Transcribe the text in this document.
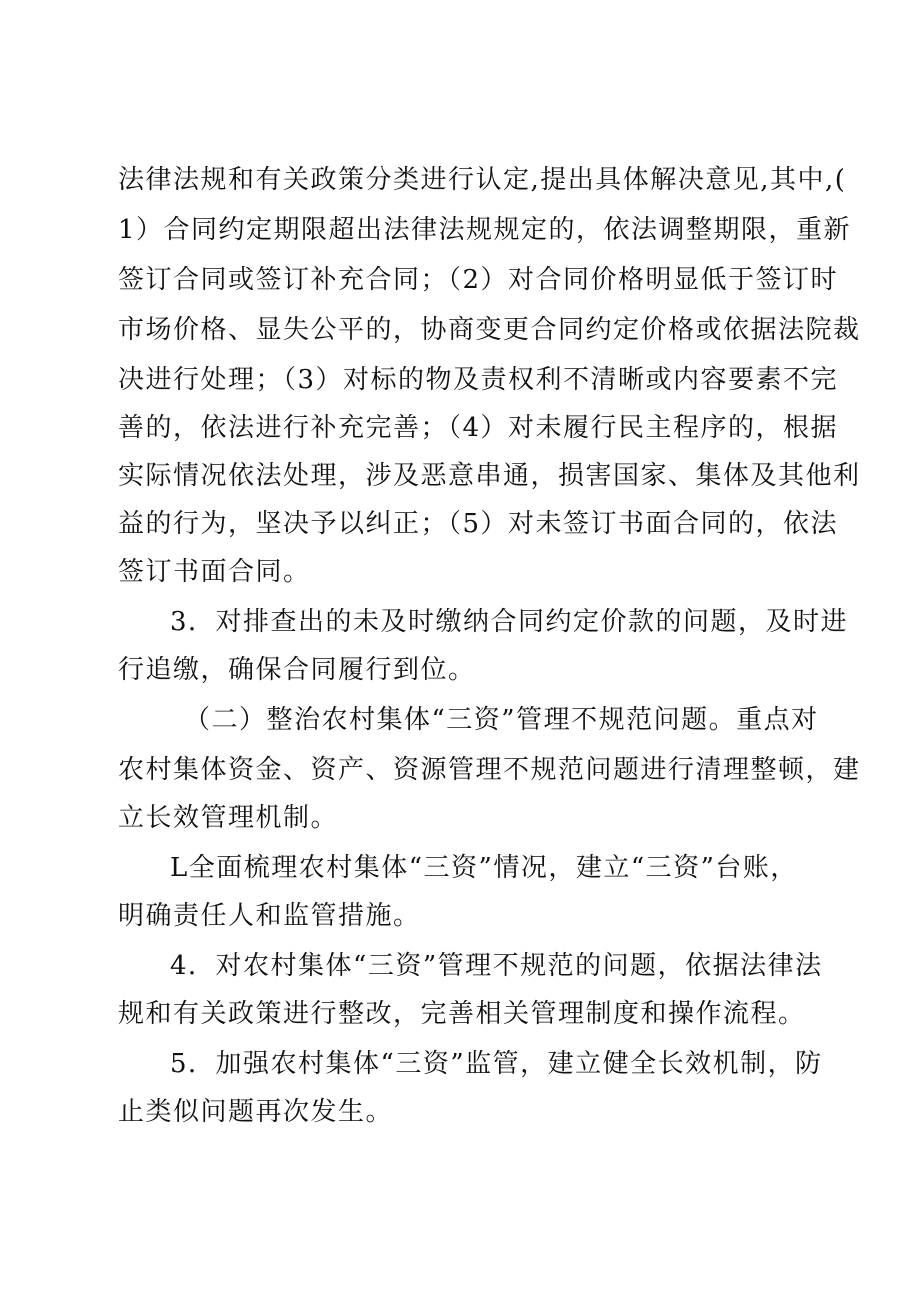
法律法规和有关政策分类进行认定,提出具体解决意见,其中,(
1）合同约定期限超出法律法规规定的，依法调整期限，重新
签订合同或签订补充合同；（2）对合同价格明显低于签订时
市场价格、显失公平的，协商变更合同约定价格或依据法院裁
决进行处理；（3）对标的物及责权利不清晰或内容要素不完
善的，依法进行补充完善；（4）对未履行民主程序的，根据
实际情况依法处理，涉及恶意串通，损害国家、集体及其他利
益的行为，坚决予以纠正；（5）对未签订书面合同的，依法
签订书面合同。
3．对排查出的未及时缴纳合同约定价款的问题，及时进
行追缴，确保合同履行到位。
（二）整治农村集体“三资”管理不规范问题。重点对
农村集体资金、资产、资源管理不规范问题进行清理整顿，建
立长效管理机制。
L全面梳理农村集体“三资”情况，建立“三资”台账，
明确责任人和监管措施。
4．对农村集体“三资”管理不规范的问题，依据法律法
规和有关政策进行整改，完善相关管理制度和操作流程。
5．加强农村集体“三资”监管，建立健全长效机制，防
止类似问题再次发生。
